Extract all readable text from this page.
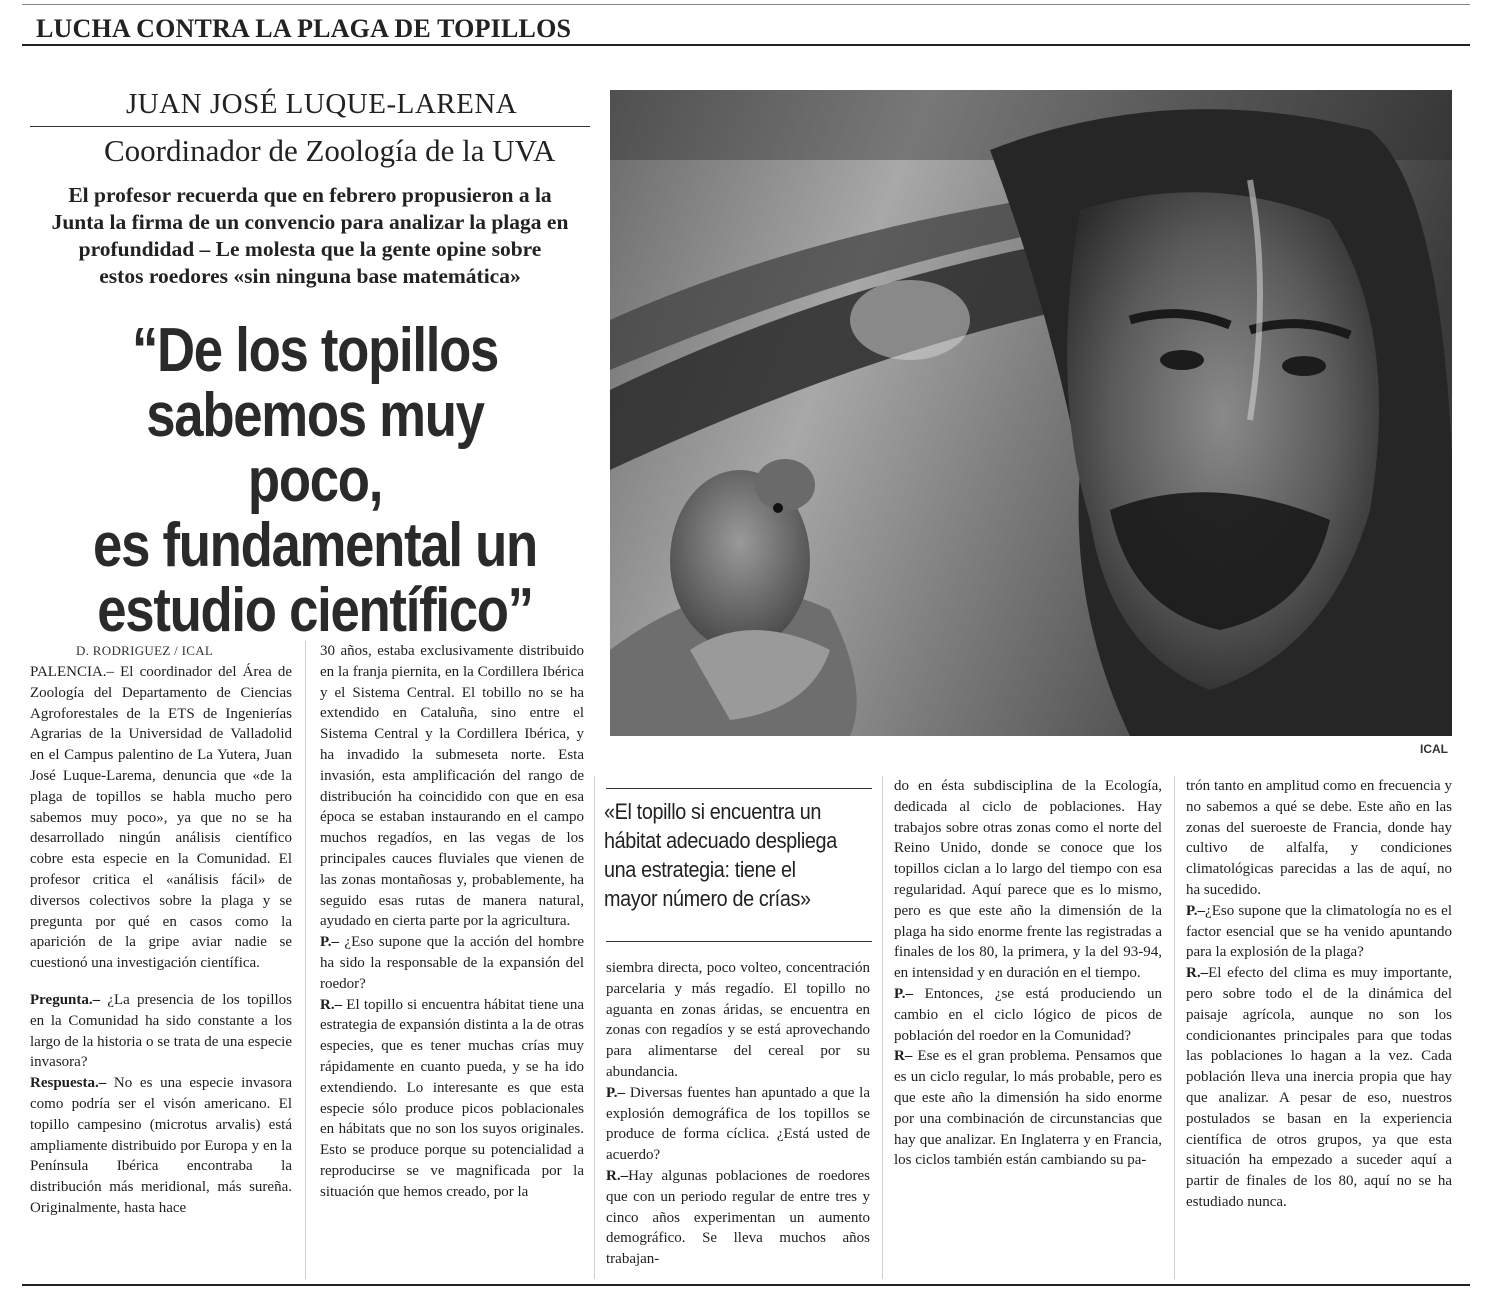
LUCHA CONTRA LA PLAGA DE TOPILLOS
JUAN JOSÉ LUQUE-LARENA
Coordinador de Zoología de la UVA
El profesor recuerda que en febrero propusieron a la
Junta la firma de un convencio para analizar la plaga en
profundidad – Le molesta que la gente opine sobre
estos roedores «sin ninguna base matemática»
“De los topillos
sabemos muy poco,
es fundamental un
estudio científico”
ICAL
D. RODRIGUEZ / ICAL

PALENCIA.– El coordinador del Área de Zoología del Departamento de Ciencias Agroforestales de la ETS de Ingenierías Agrarias de la Universidad de Valladolid en el Campus palentino de La Yutera, Juan José Luque-Larema, denuncia que «de la plaga de topillos se habla mucho pero sabemos muy poco», ya que no se ha desarrollado ningún análisis científico cobre esta especie en la Comunidad. El profesor critica el «análisis fácil» de diversos colectivos sobre la plaga y se pregunta por qué en casos como la aparición de la gripe aviar nadie se cuestionó una investigación científica.

Pregunta.– ¿La presencia de los topillos en la Comunidad ha sido constante a los largo de la historia o se trata de una especie invasora?

Respuesta.– No es una especie invasora como podría ser el visón americano. El topillo campesino (microtus arvalis) está ampliamente distribuido por Europa y en la Península Ibérica encontraba la distribución más meridional, más sureña. Originalmente, hasta hace

30 años, estaba exclusivamente distribuido en la franja piernita, en la Cordillera Ibérica y el Sistema Central. El tobillo no se ha extendido en Cataluña, sino entre el Sistema Central y la Cordillera Ibérica, y ha invadido la submeseta norte. Esta invasión, esta amplificación del rango de distribución ha coincidido con que en esa época se estaban instaurando en el campo muchos regadíos, en las vegas de los principales cauces fluviales que vienen de las zonas montañosas y, probablemente, ha seguido esas rutas de manera natural, ayudado en cierta parte por la agricultura.

P.– ¿Eso supone que la acción del hombre ha sido la responsable de la expansión del roedor?

R.– El topillo si encuentra hábitat tiene una estrategia de expansión distinta a la de otras especies, que es tener muchas crías muy rápidamente en cuanto pueda, y se ha ido extendiendo. Lo interesante es que esta especie sólo produce picos poblacionales en hábitats que no son los suyos originales. Esto se produce porque su potencialidad a reproducirse se ve magnificada por la situación que hemos creado, por la

«El topillo si encuentra un
hábitat adecuado despliega
una estrategia: tiene el
mayor número de crías»

siembra directa, poco volteo, concentración parcelaria y más regadío. El topillo no aguanta en zonas áridas, se encuentra en zonas con regadíos y se está aprovechando para alimentarse del cereal por su abundancia.

P.– Diversas fuentes han apuntado a que la explosión demográfica de los topillos se produce de forma cíclica. ¿Está usted de acuerdo?

R.–Hay algunas poblaciones de roedores que con un periodo regular de entre tres y cinco años experimentan un aumento demográfico. Se lleva muchos años trabajan-

do en ésta subdisciplina de la Ecología, dedicada al ciclo de poblaciones. Hay trabajos sobre otras zonas como el norte del Reino Unido, donde se conoce que los topillos ciclan a lo largo del tiempo con esa regularidad. Aquí parece que es lo mismo, pero es que este año la dimensión de la plaga ha sido enorme frente las registradas a finales de los 80, la primera, y la del 93-94, en intensidad y en duración en el tiempo.

P.– Entonces, ¿se está produciendo un cambio en el ciclo lógico de picos de población del roedor en la Comunidad?

R– Ese es el gran problema. Pensamos que es un ciclo regular, lo más probable, pero es que este año la dimensión ha sido enorme por una combinación de circunstancias que hay que analizar. En Inglaterra y en Francia, los ciclos también están cambiando su pa-

trón tanto en amplitud como en frecuencia y no sabemos a qué se debe. Este año en las zonas del sueroeste de Francia, donde hay cultivo de alfalfa, y condiciones climatológicas parecidas a las de aquí, no ha sucedido.

P.–¿Eso supone que la climatología no es el factor esencial que se ha venido apuntando para la explosión de la plaga?

R.–El efecto del clima es muy importante, pero sobre todo el de la dinámica del paisaje agrícola, aunque no son los condicionantes principales para que todas las poblaciones lo hagan a la vez. Cada población lleva una inercia propia que hay que analizar. A pesar de eso, nuestros postulados se basan en la experiencia científica de otros grupos, ya que esta situación ha empezado a suceder aquí a partir de finales de los 80, aquí no se ha estudiado nunca.
